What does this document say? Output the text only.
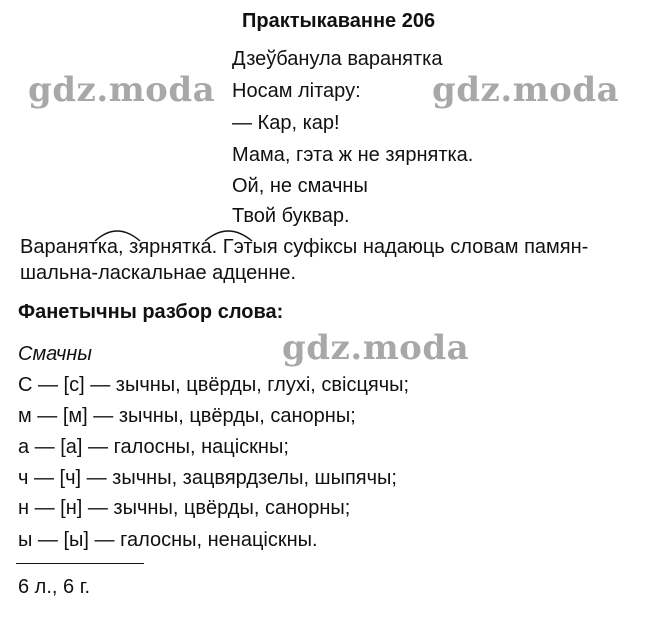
Практыкаванне 206
Дзеўбанула варанятка
Носам літару:
— Кар, кар!
Мама, гэта ж не зярнятка.
Ой, не смачны
Твой буквар.
Варанятка, зярнятка. Гэтыя суфіксы надаюць словам памян-
шальна-ласкальнае адценне.
Фанетычны разбор слова:
Смачны
С — [с] — зычны, цвёрды, глухі, свісцячы;
м — [м] — зычны, цвёрды, санорны;
а — [а] — галосны, націскны;
ч — [ч] — зычны, зацвярдзелы, шыпячы;
н — [н] — зычны, цвёрды, санорны;
ы — [ы] — галосны, ненаціскны.
6 л., 6 г.
gdz.moda	gdz.moda
gdz.moda
